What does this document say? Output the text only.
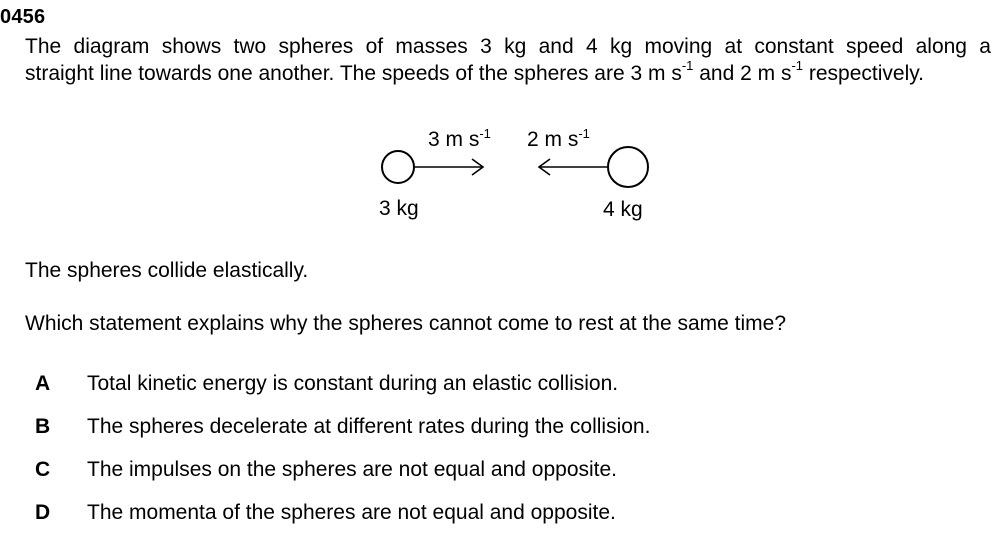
0456
The diagram shows two spheres of masses 3 kg and 4 kg moving at constant speed along a
straight line towards one another. The speeds of the spheres are 3 m $s^{-1}$ and 2 m $s^{-1}$ respectively.
3 m $s^{-1}$ 2 m $s^{-1}$
3 kg	4 kg
The spheres collide elastically.
Which statement explains why the spheres cannot come to rest at the same time?
A	Total kinetic energy is constant during an elastic collision.
B	The spheres decelerate at different rates during the collision.
C	The impulses on the spheres are not equal and opposite.
D	The momenta of the spheres are not equal and opposite.
